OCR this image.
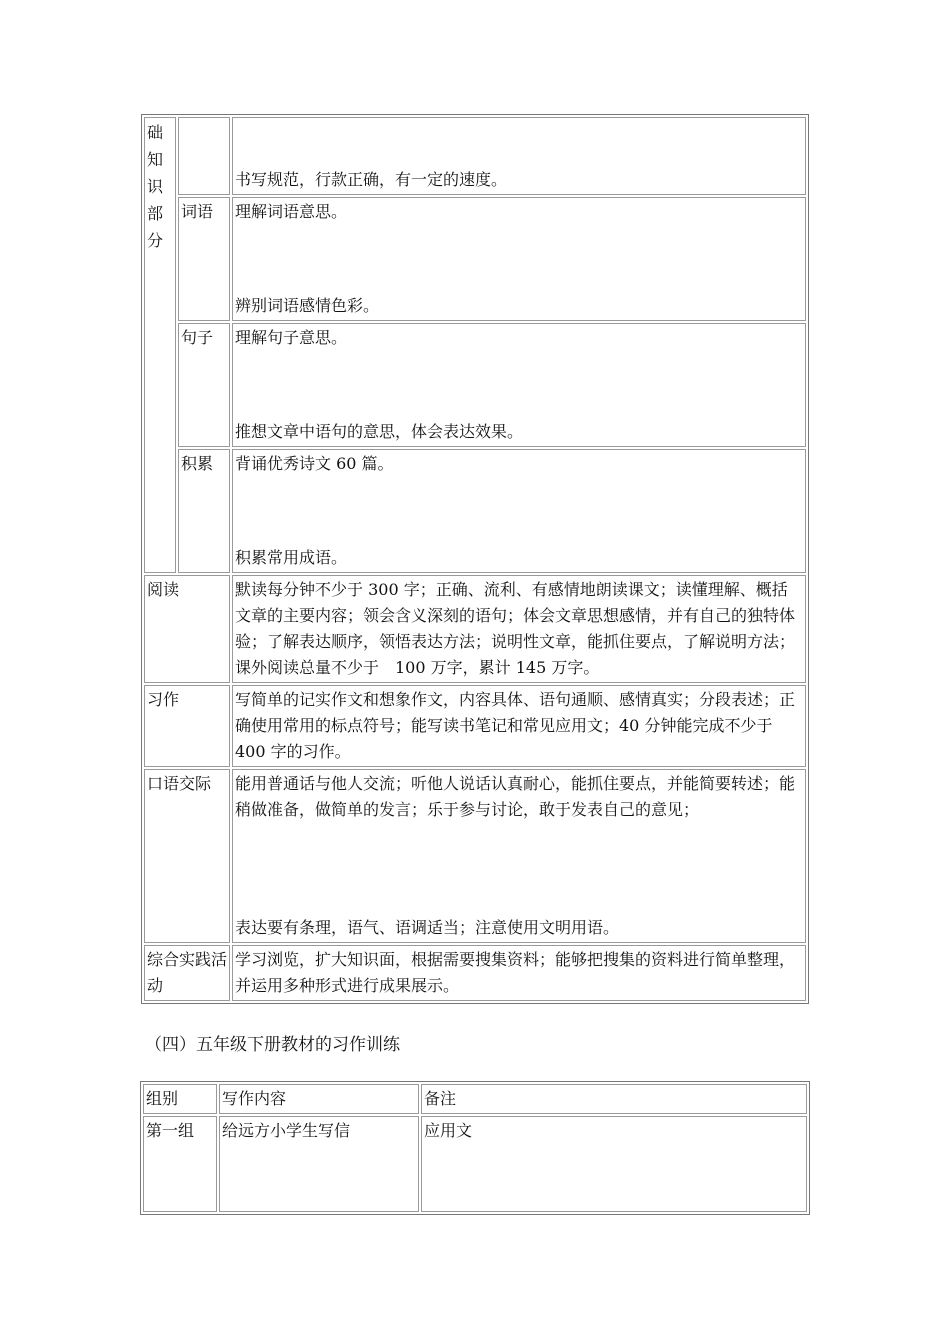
础知识部分		书写规范，行款正确，有一定的速度。

	词语	理解词语意思。
辨别词语感情色彩。

	句子	理解句子意思。
推想文章中语句的意思，体会表达效果。

	积累	背诵优秀诗文 60 篇。
积累常用成语。

阅读		默读每分钟不少于 300 字；正确、流利、有感情地朗读课文；读懂理解、概括文章的主要内容；领会含义深刻的语句；体会文章思想感情，并有自己的独特体验；了解表达顺序，领悟表达方法；说明性文章，能抓住要点，了解说明方法；课外阅读总量不少于　100 万字，累计 145 万字。
习作		写简单的记实作文和想象作文，内容具体、语句通顺、感情真实；分段表述；正确使用常用的标点符号；能写读书笔记和常见应用文；40 分钟能完成不少于 400 字的习作。
口语交际		能用普通话与他人交流；听他人说话认真耐心，能抓住要点，并能简要转述；能稍做准备，做简单的发言；乐于参与讨论，敢于发表自己的意见；
表达要有条理，语气、语调适当；注意使用文明用语。

综合实践活动		学习浏览，扩大知识面，根据需要搜集资料；能够把搜集的资料进行简单整理，并运用多种形式进行成果展示。
（四）五年级下册教材的习作训练
组别	写作内容	备注
第一组	给远方小学生写信	应用文
